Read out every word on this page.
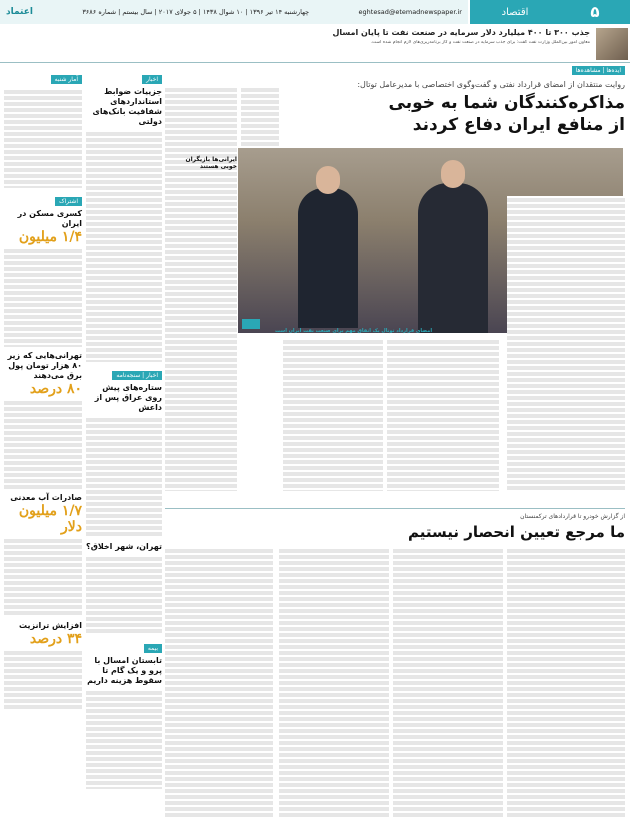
۵
اقتصاد
اعتماد	چهارشنبه ۱۴ تیر ۱۳۹۶ | ۱۰ شوال ۱۴۳۸ | ۵ جولای ۲۰۱۷ | سال بیستم | شماره ۳۶۸۶	eghtesad@etemadnewspaper.ir
جذب ۳۰۰ تا ۴۰۰ میلیارد دلار سرمایه در صنعت نفت تا پایان امسال
معاون امور بین‌الملل وزارت نفت گفت: برای جذب سرمایه در صنعت نفت و گاز برنامه‌ریزی‌های لازم انجام شده است.
ایده‌ها | مشاهده‌ها
روایت منتقدان از امضای قرارداد نفتی و گفت‌وگوی اختصاصی با مدیرعامل توتال:
مذاکره‌کنندگان شما به خوبی از منافع ایران دفاع کردند
امضای قرارداد توتال یک اتفاق مهم برای صنعت نفت ایران است
ایرانی‌ها بازیگران خوبی هستند
از گزارش خودرو تا قراردادهای ترکمنستان
ما مرجع تعیین انحصار نیستیم
اخبار
جزییات ضوابط استانداردهای شفافیت بانک‌های دولتی
اخبار | سنجه‌نامه
ستاره‌های پیش روی عراق پس از داعش
تهران، شهر اخلاق؟
بیمه
تابستان امسال با پرو و یک گام تا سقوط هزینه داریم
آمار شنبه
اشتراک
کسری مسکن در ایران
۱/۴ میلیون
تهرانی‌هایی که زیر ۸۰ هزار تومان پول برق می‌دهند
۸۰ درصد
صادرات آب معدنی
۱/۷ میلیون دلار
افزایش ترانزیت
۳۴ درصد
